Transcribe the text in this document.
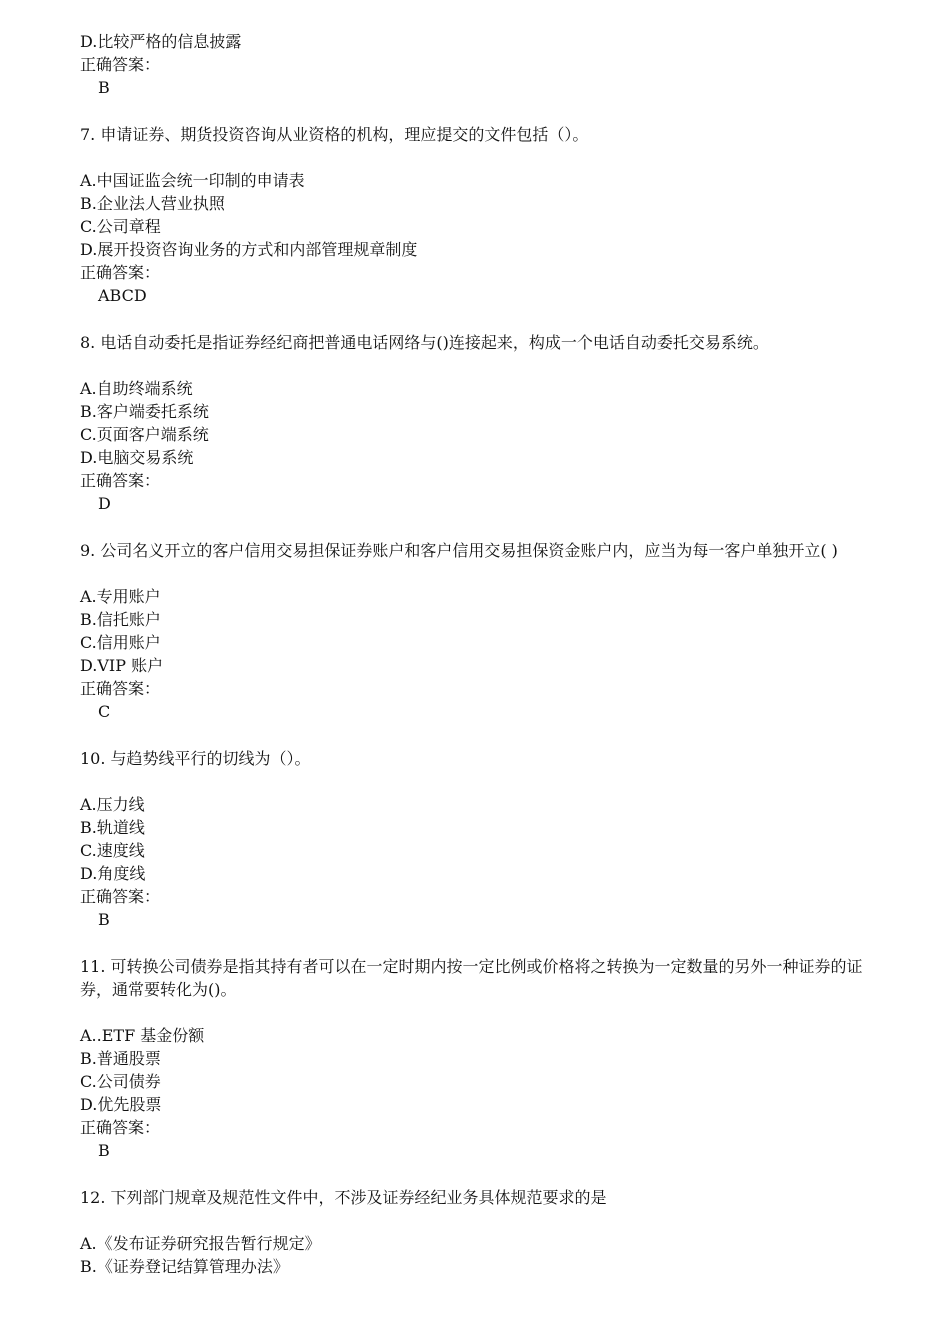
D.比较严格的信息披露
正确答案：
B
7. 申请证券、期货投资咨询从业资格的机构，理应提交的文件包括（）。
A.中国证监会统一印制的申请表
B.企业法人营业执照
C.公司章程
D.展开投资咨询业务的方式和内部管理规章制度
正确答案：
ABCD
8. 电话自动委托是指证券经纪商把普通电话网络与()连接起来，构成一个电话自动委托交易系统。
A.自助终端系统
B.客户端委托系统
C.页面客户端系统
D.电脑交易系统
正确答案：
D
9. 公司名义开立的客户信用交易担保证券账户和客户信用交易担保资金账户内，应当为每一客户单独开立( )
A.专用账户
B.信托账户
C.信用账户
D.VIP 账户
正确答案：
C
10. 与趋势线平行的切线为（）。
A.压力线
B.轨道线
C.速度线
D.角度线
正确答案：
B
11. 可转换公司债券是指其持有者可以在一定时期内按一定比例或价格将之转换为一定数量的另外一种证券的证券，通常要转化为()。
A..ETF 基金份额
B.普通股票
C.公司债券
D.优先股票
正确答案：
B
12. 下列部门规章及规范性文件中，不涉及证券经纪业务具体规范要求的是
A.《发布证券研究报告暂行规定》
B.《证券登记结算管理办法》
